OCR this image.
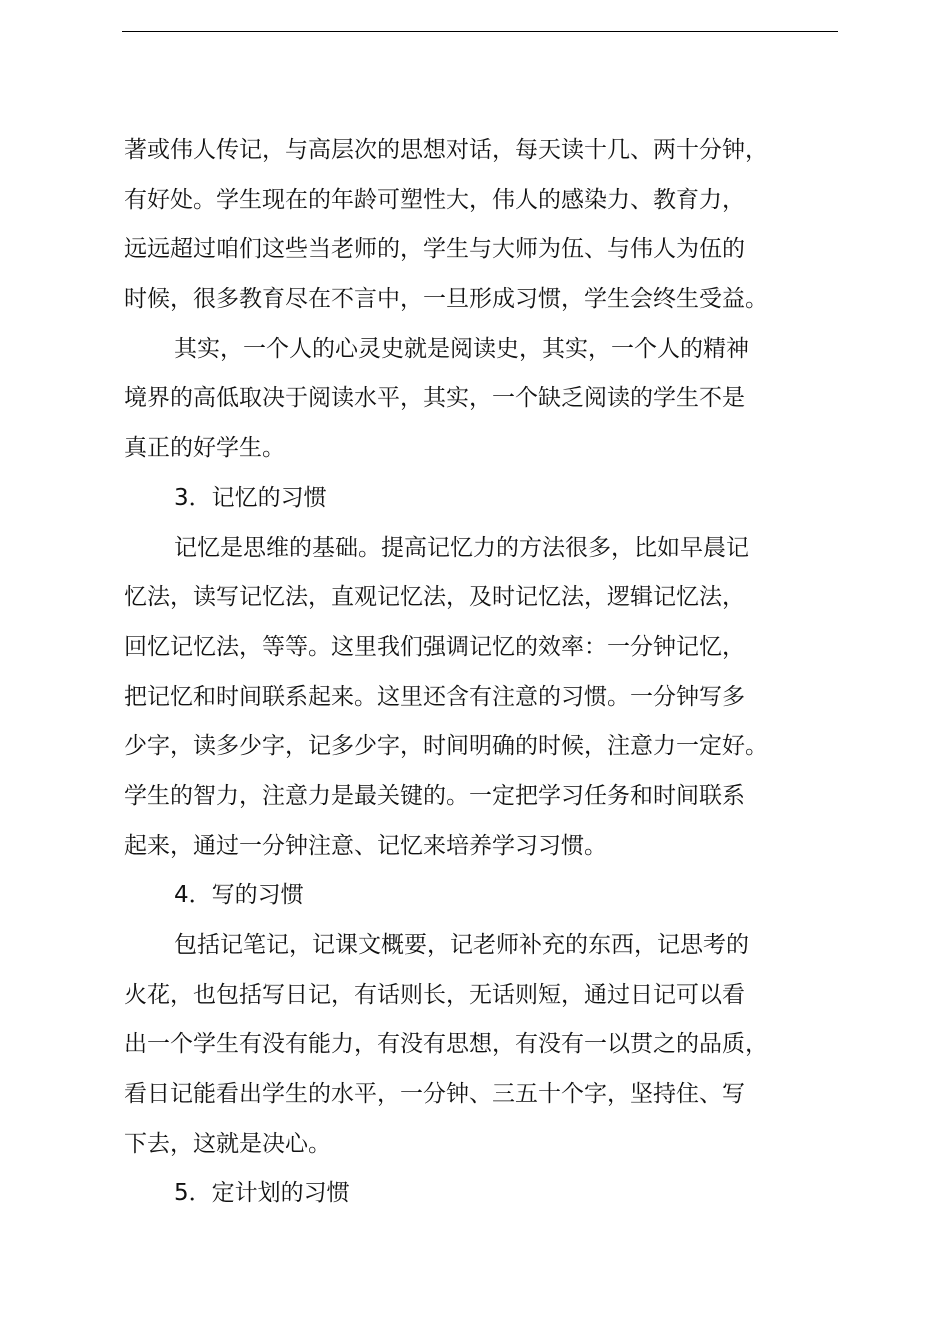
著或伟人传记，与高层次的思想对话，每天读十几、两十分钟，
有好处。学生现在的年龄可塑性大，伟人的感染力、教育力，
远远超过咱们这些当老师的，学生与大师为伍、与伟人为伍的
时候，很多教育尽在不言中，一旦形成习惯，学生会终生受益。
其实，一个人的心灵史就是阅读史，其实，一个人的精神
境界的高低取决于阅读水平，其实，一个缺乏阅读的学生不是
真正的好学生。
3．记忆的习惯
记忆是思维的基础。提高记忆力的方法很多，比如早晨记
忆法，读写记忆法，直观记忆法，及时记忆法，逻辑记忆法，
回忆记忆法，等等。这里我们强调记忆的效率：一分钟记忆，
把记忆和时间联系起来。这里还含有注意的习惯。一分钟写多
少字，读多少字，记多少字，时间明确的时候，注意力一定好。
学生的智力，注意力是最关键的。一定把学习任务和时间联系
起来，通过一分钟注意、记忆来培养学习习惯。
4．写的习惯
包括记笔记，记课文概要，记老师补充的东西，记思考的
火花，也包括写日记，有话则长，无话则短，通过日记可以看
出一个学生有没有能力，有没有思想，有没有一以贯之的品质，
看日记能看出学生的水平，一分钟、三五十个字，坚持住、写
下去，这就是决心。
5．定计划的习惯
